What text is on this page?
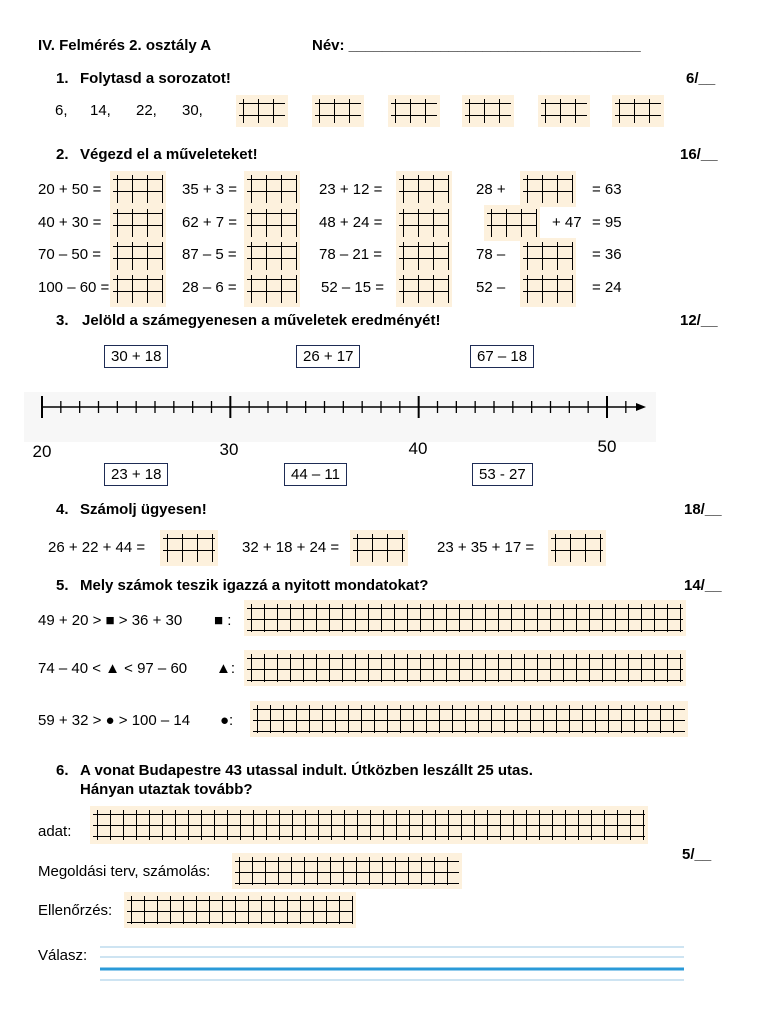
IV. Felmérés 2. osztály A	Név: ___________________________________
1. Folytasd a sorozatot!	6/__
6, 14, 22, 30,
2. Végezd el a műveleteket!	16/__
20 + 50 =	35 + 3 =	23 + 12 =	28 +	= 63
40 + 30 =	62 + 7 =	48 + 24 =	+ 47 = 95
70 – 50 =	87 – 5 =	78 – 21 =	78 –	= 36
100 – 60 =	28 – 6 =	52 – 15 =	52 –	= 24
3. Jelöld a számegyenesen a műveletek eredményét!	12/__
30 + 18	26 + 17	67 – 18
20	30	40	50
23 + 18	44 – 11	53 - 27
4. Számolj ügyesen!	18/__
26 + 22 + 44 =	32 + 18 + 24 =	23 + 35 + 17 =
5. Mely számok teszik igazzá a nyitott mondatokat?	14/__
49 + 20 > ■ > 36 + 30 ■ :
74 – 40 < ▲ < 97 – 60 ▲:
59 + 32 > ● > 100 – 14 ●:
6. A vonat Budapestre 43 utassal indult. Útközben leszállt 25 utas.
Hányan utaztak tovább?
adat:
5/__
Megoldási terv, számolás:
Ellenőrzés:
Válasz:
